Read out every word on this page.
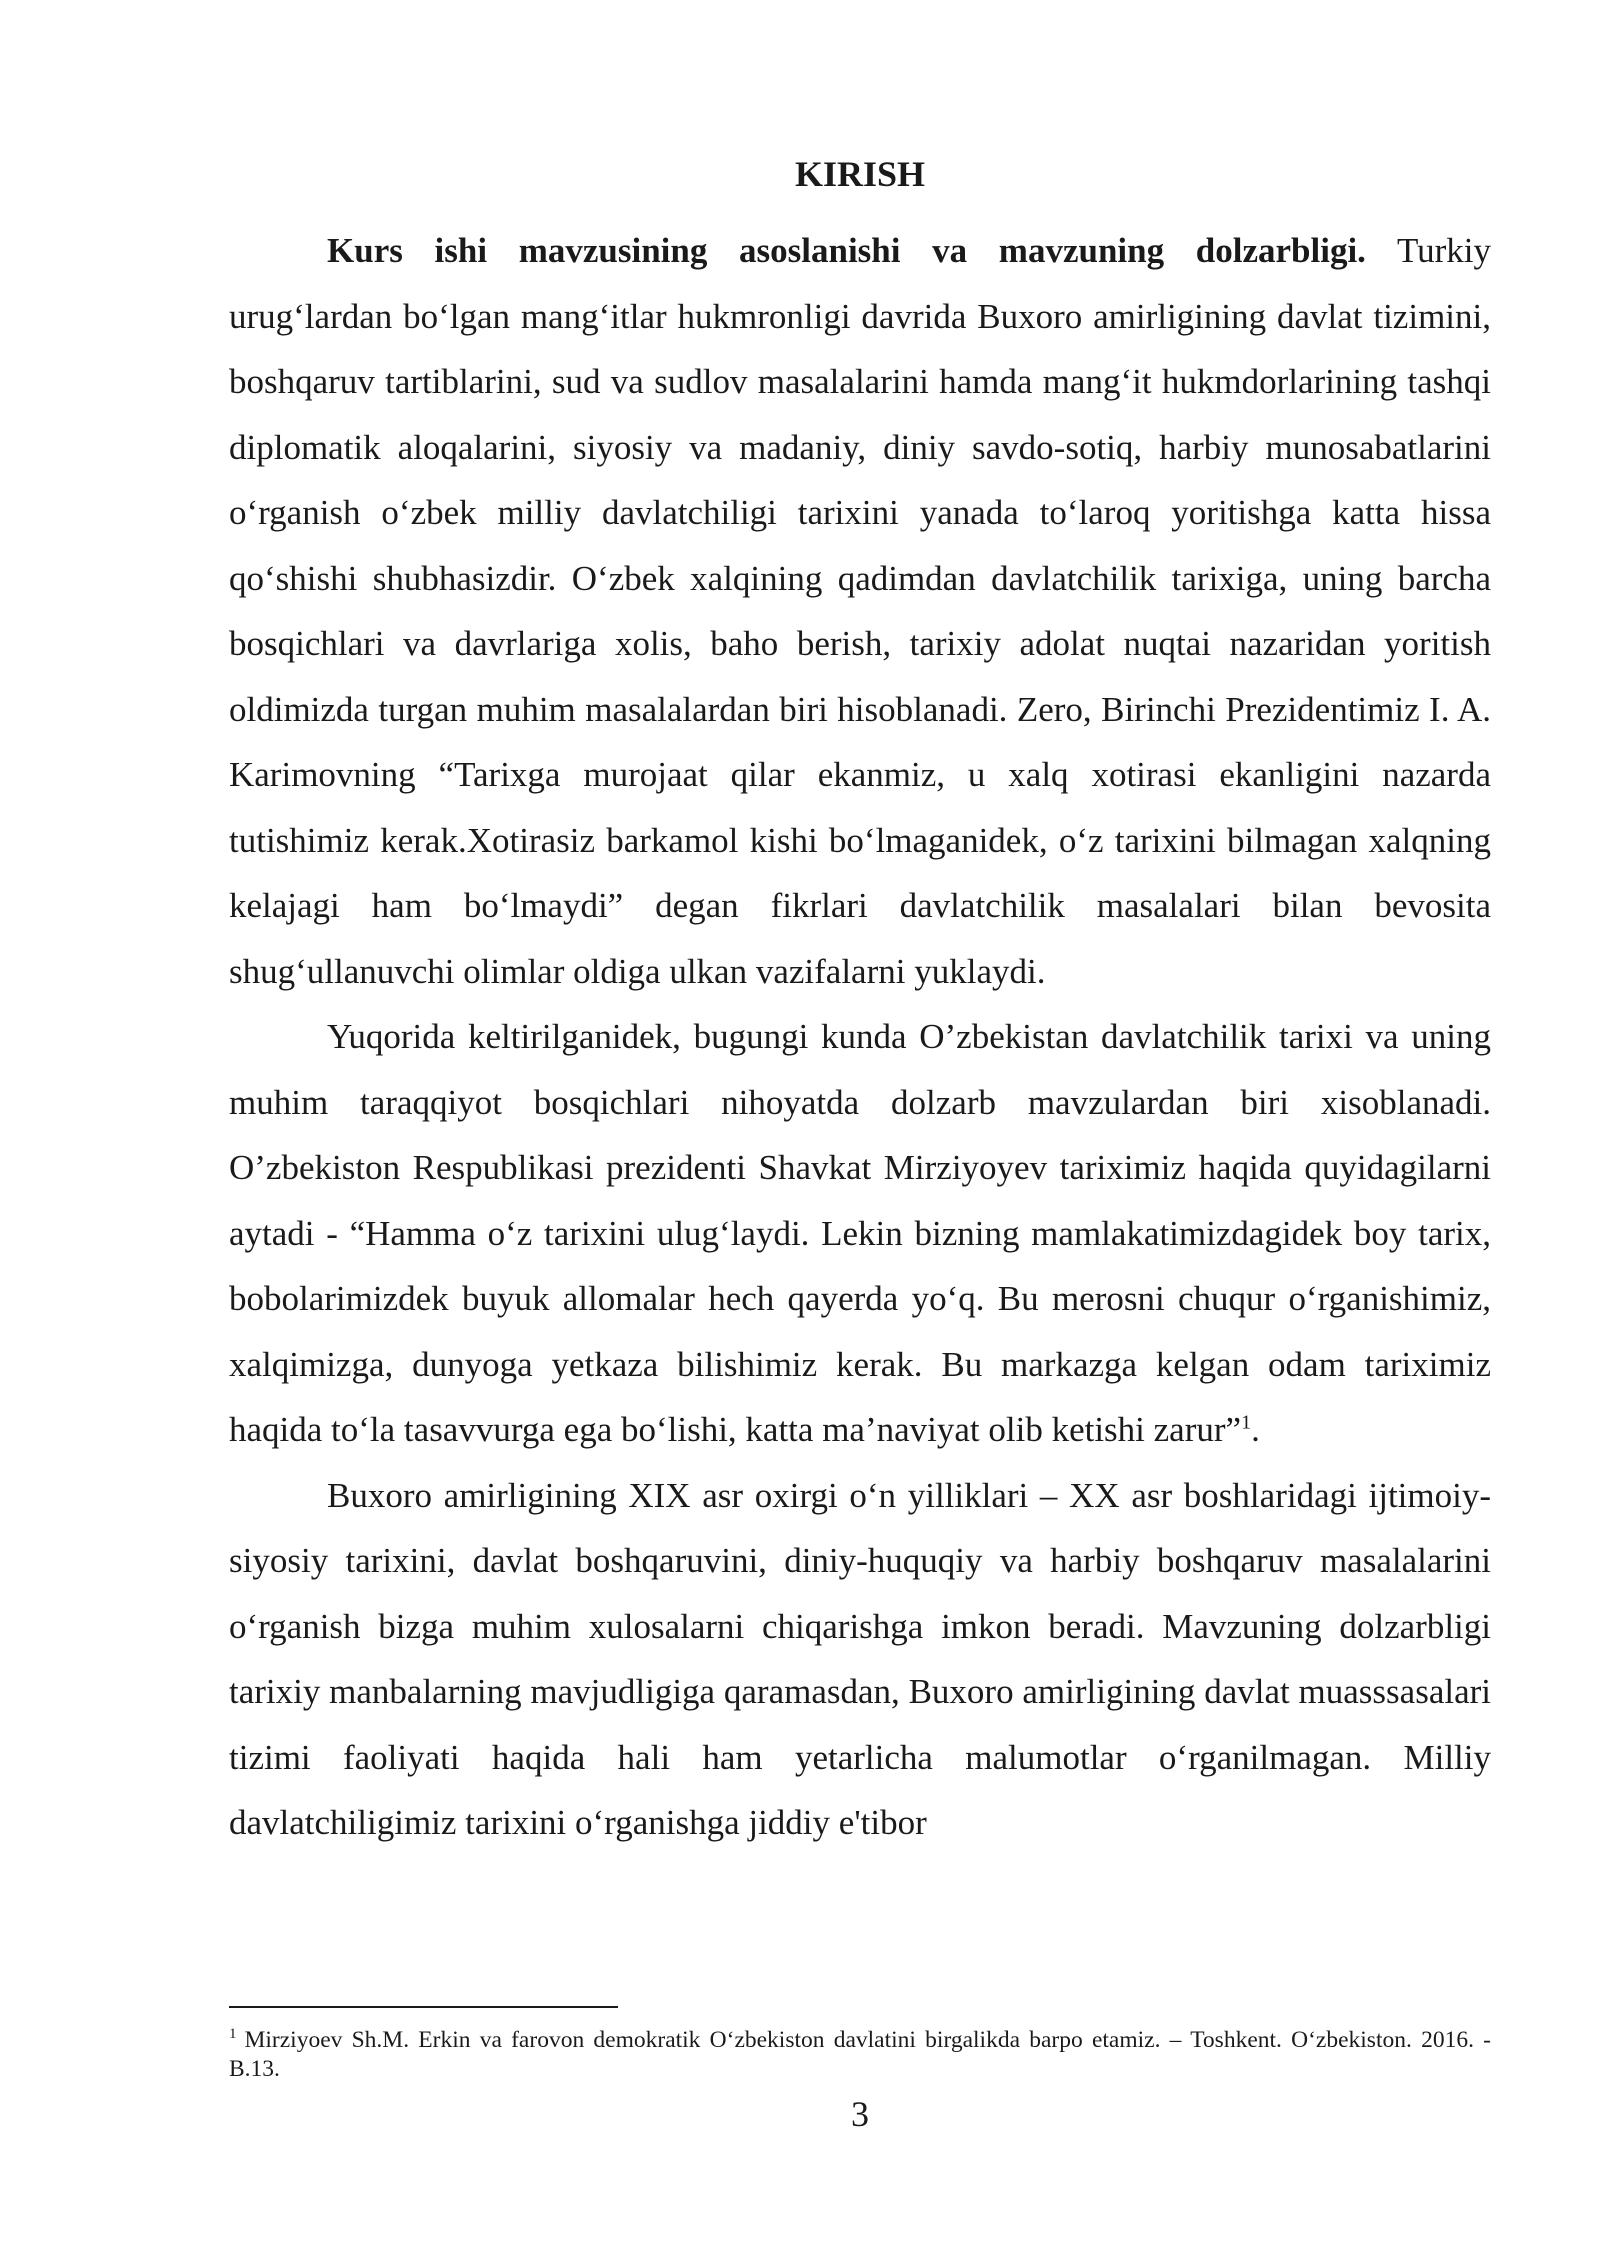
KIRISH

Kurs ishi mavzusining asoslanishi va mavzuning dolzarbligi. Turkiy urug‘lardan bo‘lgan mang‘itlar hukmronligi davrida Buxoro amirligining davlat tizimini, boshqaruv tartiblarini, sud va sudlov masalalarini hamda mang‘it hukmdorlarining tashqi diplomatik aloqalarini, siyosiy va madaniy, diniy savdo-sotiq, harbiy munosabatlarini o‘rganish o‘zbek milliy davlatchiligi tarixini yanada to‘laroq yoritishga katta hissa qo‘shishi shubhasizdir. O‘zbek xalqining qadimdan davlatchilik tarixiga, uning barcha bosqichlari va davrlariga xolis, baho berish, tarixiy adolat nuqtai nazaridan yoritish oldimizda turgan muhim masalalardan biri hisoblanadi. Zero, Birinchi Prezidentimiz I. A. Karimovning “Tarixga murojaat qilar ekanmiz, u xalq xotirasi ekanligini nazarda tutishimiz kerak.Xotirasiz barkamol kishi bo‘lmaganidek, o‘z tarixini bilmagan xalqning kelajagi ham bo‘lmaydi” degan fikrlari davlatchilik masalalari bilan bevosita shug‘ullanuvchi olimlar oldiga ulkan vazifalarni yuklaydi.

Yuqorida keltirilganidek, bugungi kunda O’zbekistan davlatchilik tarixi va uning muhim taraqqiyot bosqichlari nihoyatda dolzarb mavzulardan biri xisoblanadi. O’zbekiston Respublikasi prezidenti Shavkat Mirziyoyev tariximiz haqida quyidagilarni aytadi - “Hamma o‘z tarixini ulug‘laydi. Lekin bizning mamlakatimizdagidek boy tarix, bobolarimizdek buyuk allomalar hech qayerda yo‘q. Bu merosni chuqur o‘rganishimiz, xalqimizga, dunyoga yetkaza bilishimiz kerak. Bu markazga kelgan odam tariximiz haqida to‘la tasavvurga ega bo‘lishi, katta ma’naviyat olib ketishi zarur”$^1$.

Buxoro amirligining XIX asr oxirgi o‘n yilliklari – XX asr boshlaridagi ijtimoiy-siyosiy tarixini, davlat boshqaruvini, diniy-huquqiy va harbiy boshqaruv masalalarini o‘rganish bizga muhim xulosalarni chiqarishga imkon beradi. Mavzuning dolzarbligi tarixiy manbalarning mavjudligiga qaramasdan, Buxoro amirligining davlat muasssasalari tizimi faoliyati haqida hali ham yetarlicha malumotlar o‘rganilmagan. Milliy davlatchiligimiz tarixini o‘rganishga jiddiy e'tibor

$^1$ Mirziyoev Sh.M. Erkin va farovon demokratik O‘zbekiston davlatini birgalikda barpo etamiz. – Toshkent. O‘zbekiston. 2016. - B.13.
3
